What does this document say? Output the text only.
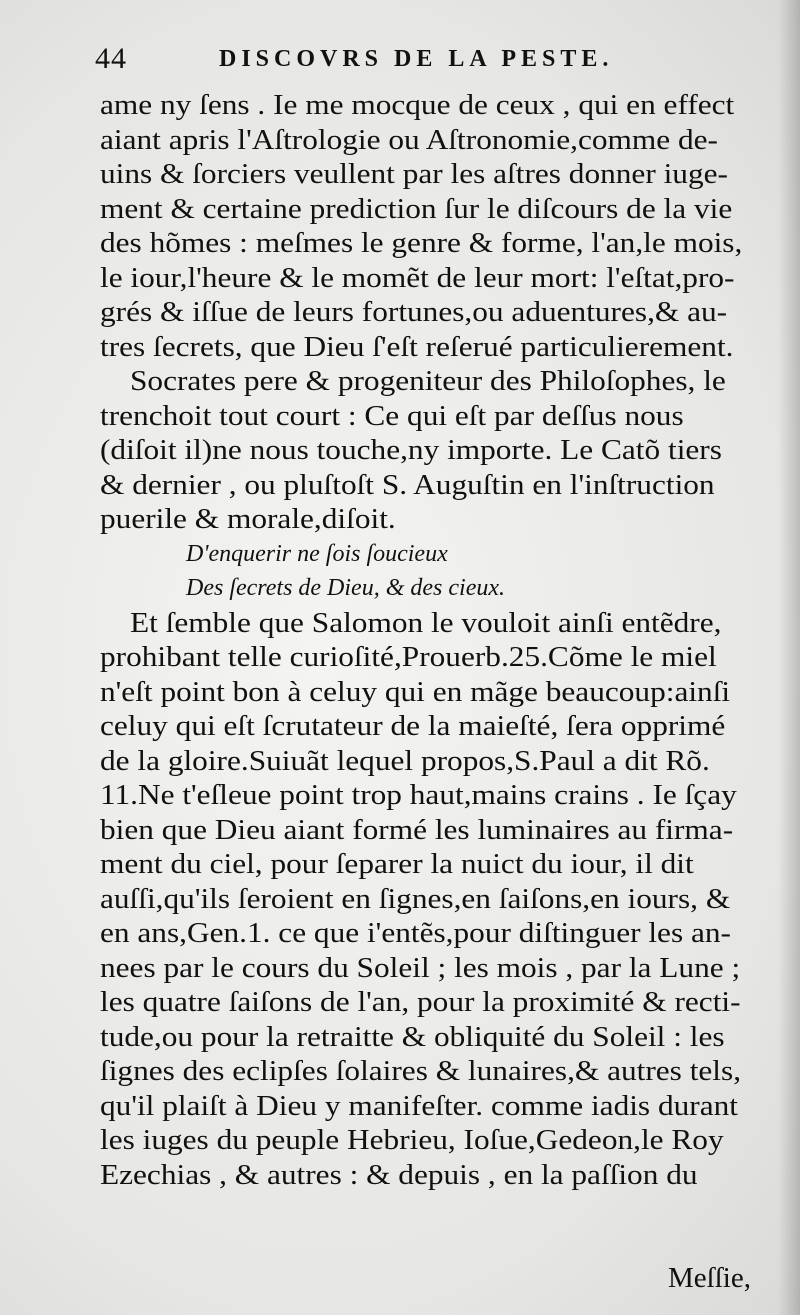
44	DISCOVRS DE LA PESTE.
ame ny ſens . Ie me mocque de ceux , qui en effect
aiant apris l'Aſtrologie ou Aſtronomie,comme de-
uins & ſorciers veullent par les aſtres donner iuge-
ment & certaine prediction ſur le diſcours de la vie
des hõmes : meſmes le genre & forme, l'an,le mois,
le iour,l'heure & le momẽt de leur mort: l'eſtat,pro-
grés & iſſue de leurs fortunes,ou aduentures,& au-
tres ſecrets, que Dieu ſ'eſt reſerué particulierement.
Socrates pere & progeniteur des Philoſophes, le
trenchoit tout court : Ce qui eſt par deſſus nous
(diſoit il)ne nous touche,ny importe. Le Catõ tiers
& dernier , ou pluſtoſt S. Auguſtin en l'inſtruction
puerile & morale,diſoit.
D'enquerir ne ſois ſoucieux
Des ſecrets de Dieu, & des cieux.
Et ſemble que Salomon le vouloit ainſi entẽdre,
prohibant telle curioſité,Prouerb.25.Cõme le miel
n'eſt point bon à celuy qui en mãge beaucoup:ainſi
celuy qui eſt ſcrutateur de la maieſté, ſera opprimé
de la gloire.Suiuãt lequel propos,S.Paul a dit Rõ.
11.Ne t'eſleue point trop haut,mains crains . Ie ſçay
bien que Dieu aiant formé les luminaires au firma-
ment du ciel, pour ſeparer la nuict du iour, il dit
auſſi,qu'ils ſeroient en ſignes,en ſaiſons,en iours, &
en ans,Gen.1. ce que i'entẽs,pour diſtinguer les an-
nees par le cours du Soleil ; les mois , par la Lune ;
les quatre ſaiſons de l'an, pour la proximité & recti-
tude,ou pour la retraitte & obliquité du Soleil : les
ſignes des eclipſes ſolaires & lunaires,& autres tels,
qu'il plaiſt à Dieu y manifeſter. comme iadis durant
les iuges du peuple Hebrieu, Ioſue,Gedeon,le Roy
Ezechias , & autres : & depuis , en la paſſion du
Meſſie,
